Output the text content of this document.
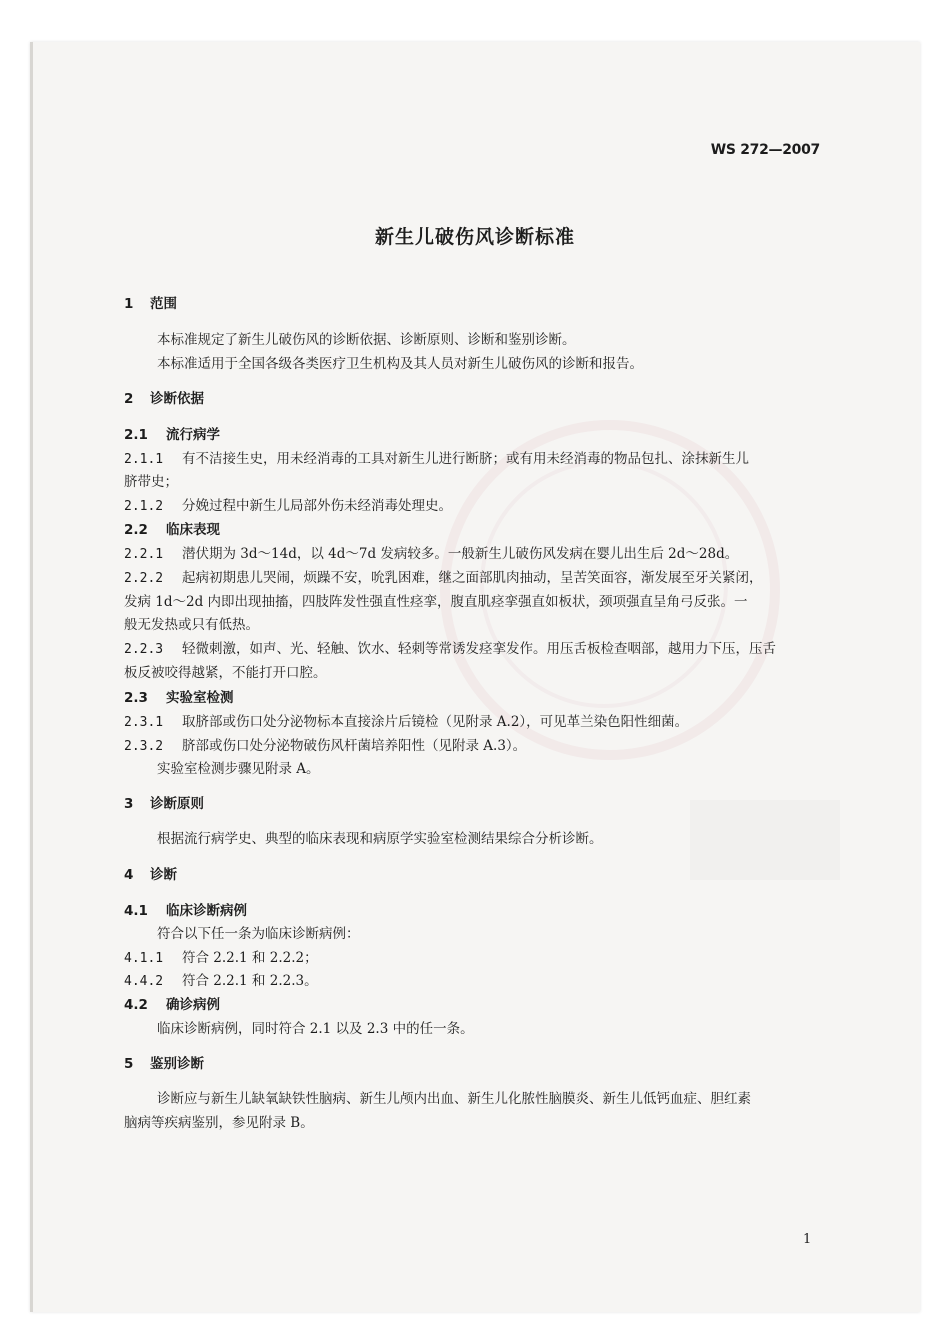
WS 272—2007
新生儿破伤风诊断标准
1 范围
本标准规定了新生儿破伤风的诊断依据、诊断原则、诊断和鉴别诊断。
本标准适用于全国各级各类医疗卫生机构及其人员对新生儿破伤风的诊断和报告。
2 诊断依据
2.1 流行病学
2.1.1 有不洁接生史，用未经消毒的工具对新生儿进行断脐；或有用未经消毒的物品包扎、涂抹新生儿
脐带史；
2.1.2 分娩过程中新生儿局部外伤未经消毒处理史。
2.2 临床表现
2.2.1 潜伏期为 3d～14d，以 4d～7d 发病较多。一般新生儿破伤风发病在婴儿出生后 2d～28d。
2.2.2 起病初期患儿哭闹，烦躁不安，吮乳困难，继之面部肌肉抽动，呈苦笑面容，渐发展至牙关紧闭，
发病 1d～2d 内即出现抽搐，四肢阵发性强直性痉挛，腹直肌痉挛强直如板状，颈项强直呈角弓反张。一
般无发热或只有低热。
2.2.3 轻微刺激，如声、光、轻触、饮水、轻刺等常诱发痉挛发作。用压舌板检查咽部，越用力下压，压舌
板反被咬得越紧，不能打开口腔。
2.3 实验室检测
2.3.1 取脐部或伤口处分泌物标本直接涂片后镜检（见附录 A.2），可见革兰染色阳性细菌。
2.3.2 脐部或伤口处分泌物破伤风杆菌培养阳性（见附录 A.3）。
实验室检测步骤见附录 A。
3 诊断原则
根据流行病学史、典型的临床表现和病原学实验室检测结果综合分析诊断。
4 诊断
4.1 临床诊断病例
符合以下任一条为临床诊断病例：
4.1.1 符合 2.2.1 和 2.2.2；
4.4.2 符合 2.2.1 和 2.2.3。
4.2 确诊病例
临床诊断病例，同时符合 2.1 以及 2.3 中的任一条。
5 鉴别诊断
诊断应与新生儿缺氧缺铁性脑病、新生儿颅内出血、新生儿化脓性脑膜炎、新生儿低钙血症、胆红素
脑病等疾病鉴别，参见附录 B。
1
